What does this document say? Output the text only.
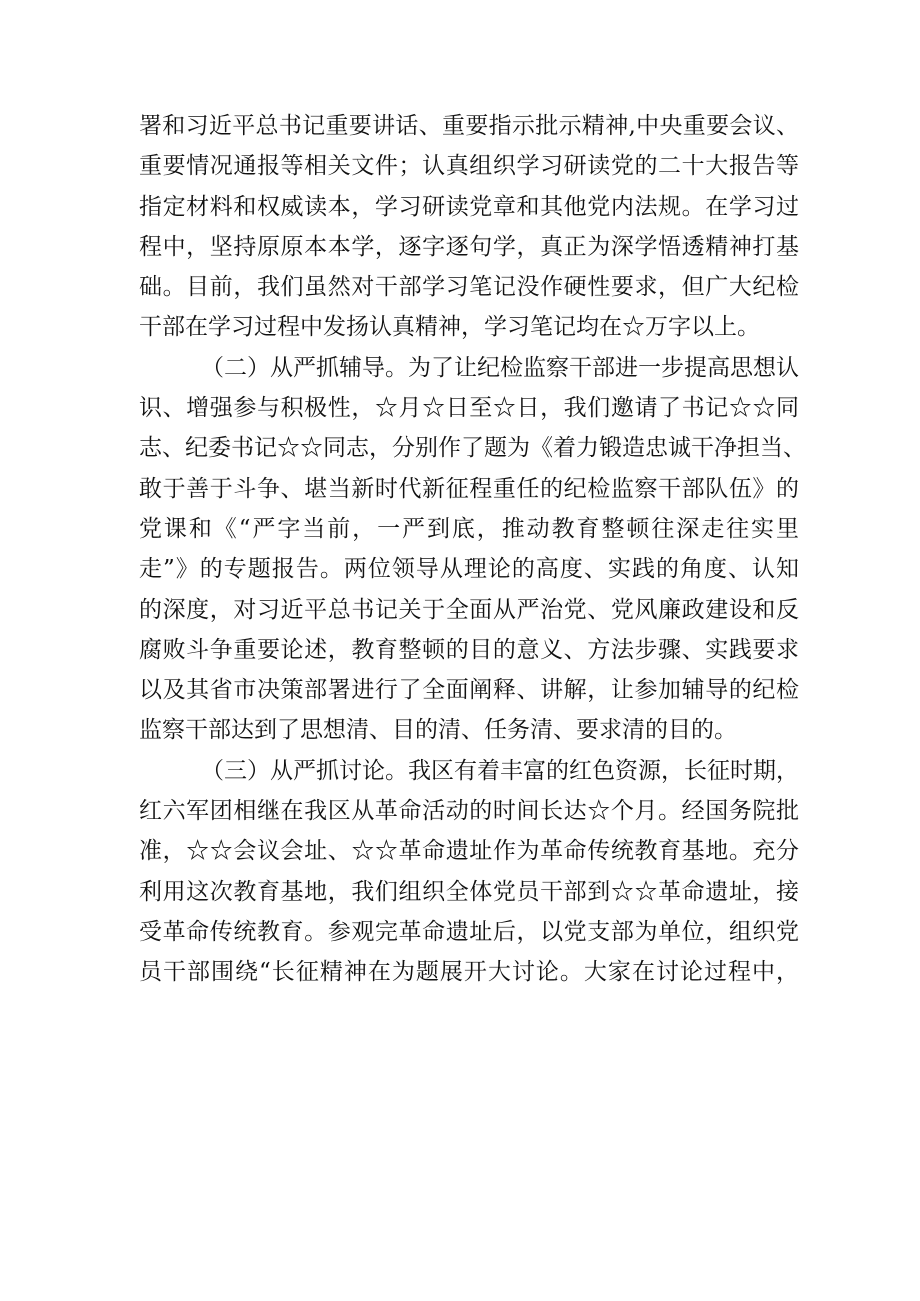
署和习近平总书记重要讲话、重要指示批示精神,中央重要会议、
重要情况通报等相关文件；认真组织学习研读党的二十大报告等
指定材料和权威读本，学习研读党章和其他党内法规。在学习过
程中，坚持原原本本学，逐字逐句学，真正为深学悟透精神打基
础。目前，我们虽然对干部学习笔记没作硬性要求，但广大纪检
干部在学习过程中发扬认真精神，学习笔记均在☆万字以上。
（二）从严抓辅导。为了让纪检监察干部进一步提高思想认
识、增强参与积极性，☆月☆日至☆日，我们邀请了书记☆☆同
志、纪委书记☆☆同志，分别作了题为《着力锻造忠诚干净担当、
敢于善于斗争、堪当新时代新征程重任的纪检监察干部队伍》的
党课和《“严字当前，一严到底，推动教育整顿往深走往实里
走”》的专题报告。两位领导从理论的高度、实践的角度、认知
的深度，对习近平总书记关于全面从严治党、党风廉政建设和反
腐败斗争重要论述，教育整顿的目的意义、方法步骤、实践要求
以及其省市决策部署进行了全面阐释、讲解，让参加辅导的纪检
监察干部达到了思想清、目的清、任务清、要求清的目的。
（三）从严抓讨论。我区有着丰富的红色资源，长征时期，
红六军团相继在我区从革命活动的时间长达☆个月。经国务院批
准，☆☆会议会址、☆☆革命遗址作为革命传统教育基地。充分
利用这次教育基地，我们组织全体党员干部到☆☆革命遗址，接
受革命传统教育。参观完革命遗址后，以党支部为单位，组织党
员干部围绕“长征精神在为题展开大讨论。大家在讨论过程中，
